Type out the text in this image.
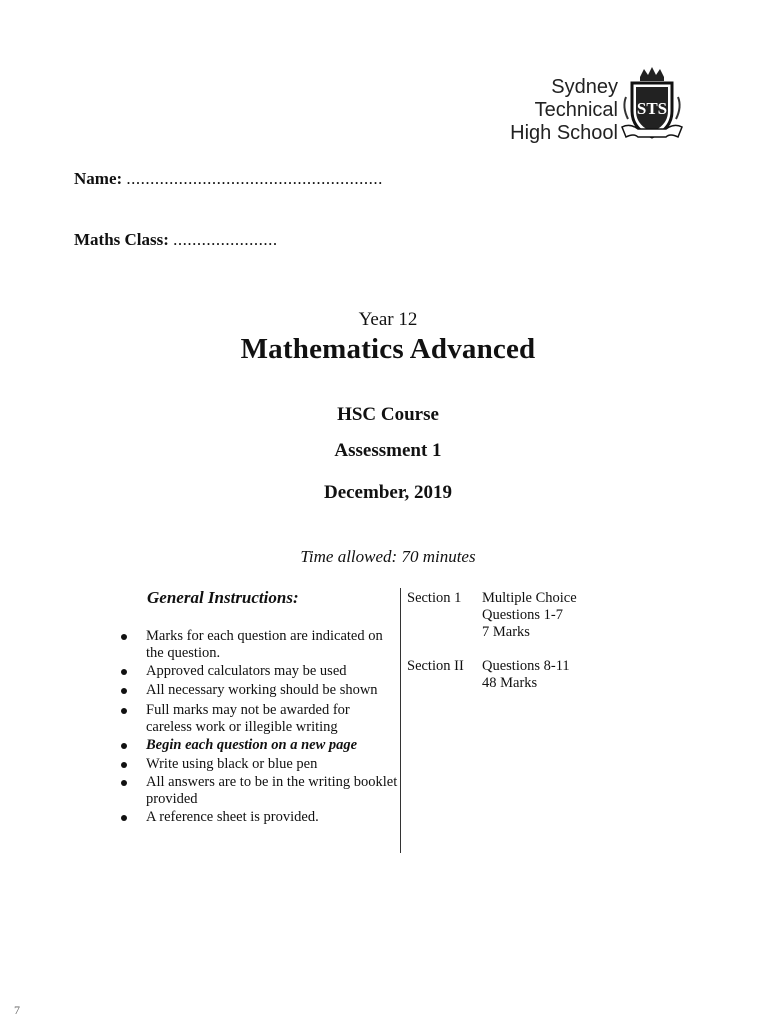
Sydney
Technical
High School
STS
Name: ......................................................
Maths Class: ......................
Year 12
Mathematics Advanced
HSC Course
Assessment 1
December, 2019
Time allowed: 70 minutes
General Instructions:
Marks for each question are indicated on the question.
Approved calculators may be used
All necessary working should be shown
Full marks may not be awarded for careless work or illegible writing
Begin each question on a new page
Write using black or blue pen
All answers are to be in the writing booklet provided
A reference sheet is provided.
Section 1 Multiple Choice
Questions 1-7
7 Marks
Section II Questions 8-11
48 Marks
7
